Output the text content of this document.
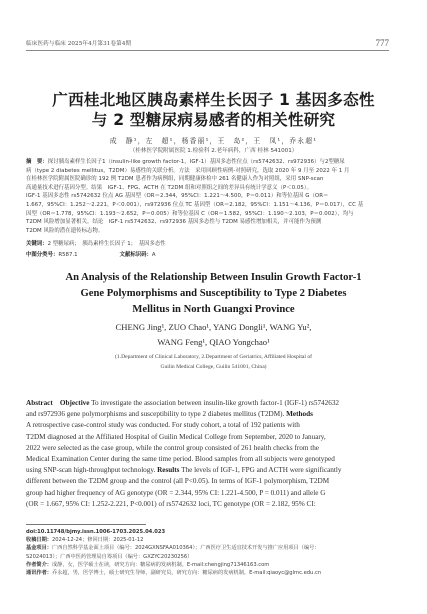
临床医药与临床 2025年4月第31卷第4期	777
广西桂北地区胰岛素样生长因子 1 基因多态性
与 2 型糖尿病易感者的相关性研究
成　静¹，左　超¹，杨香丽¹，王　岛²，王　凤¹，乔永超¹
（桂林医学院附属医院 1.检验科 2.老年病科，广西 桂林 541001）
摘　要：探讨胰岛素样生长因子1（insulin-like growth factor-1，IGF-1）基因多态性位点（rs5742632、rs972936）与2型糖尿
病（type 2 diabetes mellitus，T2DM）易感性的关联分析。方法　采用回顾性病例-对照研究，选取 2020 年 9 月至 2022 年 1 月
在桂林医学院附属医院确诊的 192 例 T2DM 患者作为病例组，同期健康体检中 261 名健康人作为对照组，采用 SNP-scan
高通量技术进行基因分型。结果　IGF-1、FPG、ACTH 在 T2DM 组和对照组之间的差异具有统计学意义（P＜0.05）。
IGF-1 基因多态性 rs5742632 位点 AG 基因型（OR＝2.344，95%CI：1.221～4.500，P＝0.011）和等位基因 G（OR＝
1.667，95%CI：1.252～2.221，P＜0.001），rs972936 位点 TC 基因型（OR＝2.182，95%CI：1.151～4.136，P＝0.017），CC 基
因型（OR＝1.778，95%CI：1.193～2.652，P＝0.005）和等位基因 C（OR＝1.582，95%CI：1.190～2.103，P＝0.002），均与
T2DM 风险增加显著相关。结论　IGF-1 rs5742632、rs972936 基因多态性与 T2DM 易感性增加相关，并可能作为预测
T2DM 风险的潜在遗传标志物。
关键词：2 型糖尿病；　胰岛素样生长因子 1；　基因多态性
中图分类号：R587.1	文献标识码：A
An Analysis of the Relationship Between Insulin Growth Factor-1
Gene Polymorphisms and Susceptibility to Type 2 Diabetes
Mellitus in North Guangxi Province
CHENG Jing¹, ZUO Chao¹, YANG Dongli¹, WANG Yu²,
WANG Feng¹, QIAO Yongchao¹
(1.Department of Clinical Laboratory, 2.Department of Geriatrics, Affiliated Hospital of
Guilin Medical College, Guilin 541001, China)
Abstract Objective To investigate the association between insulin-like growth factor-1 (IGF-1) rs5742632
and rs972936 gene polymorphisms and susceptibility to type 2 diabetes mellitus (T2DM). Methods
A retrospective case-control study was conducted. For study cohort, a total of 192 patients with
T2DM diagnosed at the Affiliated Hospital of Guilin Medical College from September, 2020 to January,
2022 were selected as the case group, while the control group consisted of 261 health checks from the
Medical Examination Center during the same time period. Blood samples from all subjects were genotyped
using SNP-scan high-throughput technology. Results The levels of IGF-1, FPG and ACTH were significantly
different between the T2DM group and the control (all P<0.05). In terms of IGF-1 polymorphism, T2DM
group had higher frequency of AG genotype (OR = 2.344, 95% CI: 1.221-4.500, P = 0.011) and allele G
(OR = 1.667, 95% CI: 1.252-2.221, P<0.001) of rs5742632 loci, TC genotype (OR = 2.182, 95% CI:
doi:10.11748/bjmy.issn.1006-1703.2025.04.023
收稿日期：2024-12-24；修回日期：2025-01-12
基金项目：广西自然科学基金面上项目（编号：2024GXNSFAA010364）；广西医疗卫生适宜技术开发与推广应用项目（编号：
S2024013）；广西中医药管理局自筹项目（编号：GXZYC20230256）
作者简介：成静，女，医学硕士在读，研究方向：糖尿病的发病机制。E-mail:chengjing71346163.com
通讯作者：乔永超，男，医学博士，硕士研究生导师，副研究员，研究方向：糖尿病的发病机制。E-mail:qiaoyc@glmc.edu.cn
